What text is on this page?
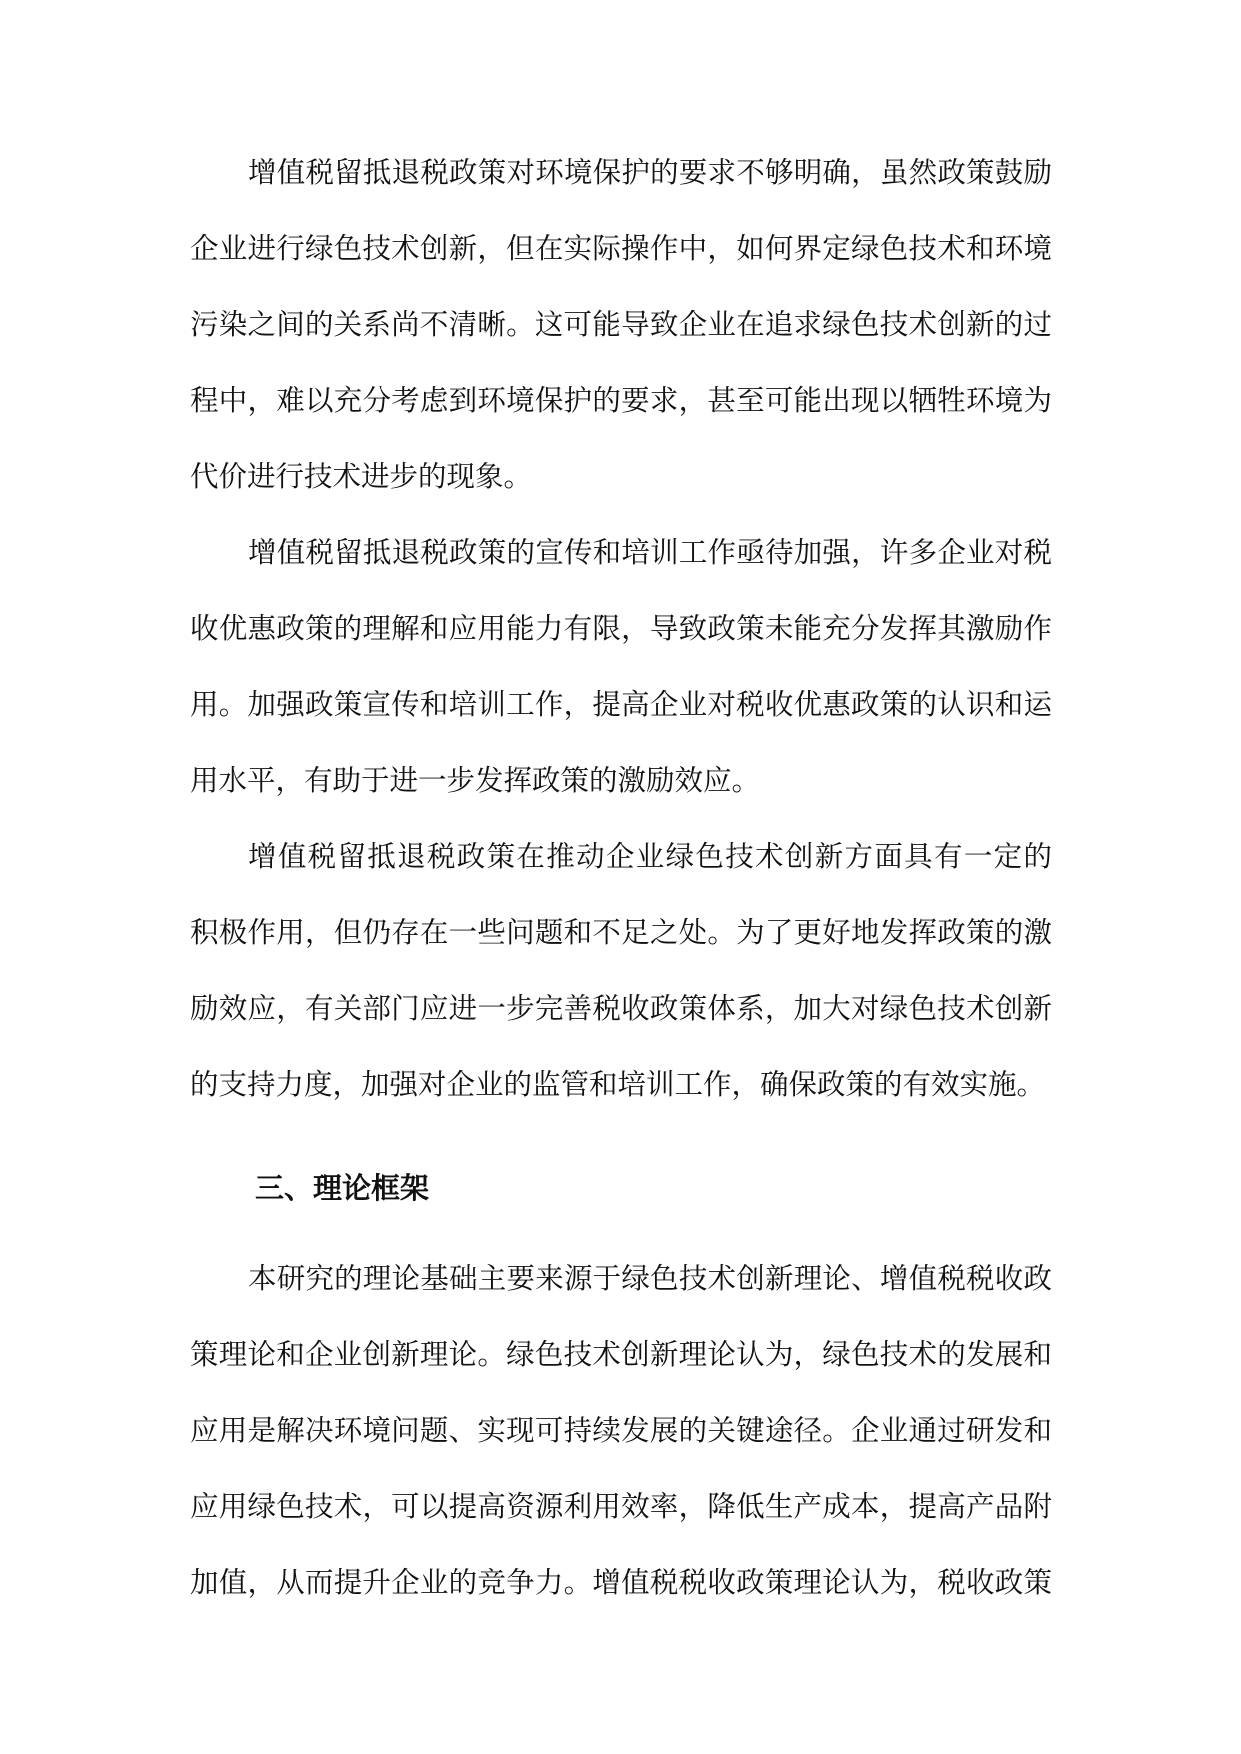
增值税留抵退税政策对环境保护的要求不够明确，虽然政策鼓励

企业进行绿色技术创新，但在实际操作中，如何界定绿色技术和环境

污染之间的关系尚不清晰。这可能导致企业在追求绿色技术创新的过

程中，难以充分考虑到环境保护的要求，甚至可能出现以牺牲环境为

代价进行技术进步的现象。

增值税留抵退税政策的宣传和培训工作亟待加强，许多企业对税

收优惠政策的理解和应用能力有限，导致政策未能充分发挥其激励作

用。加强政策宣传和培训工作，提高企业对税收优惠政策的认识和运

用水平，有助于进一步发挥政策的激励效应。

增值税留抵退税政策在推动企业绿色技术创新方面具有一定的

积极作用，但仍存在一些问题和不足之处。为了更好地发挥政策的激

励效应，有关部门应进一步完善税收政策体系，加大对绿色技术创新

的支持力度，加强对企业的监管和培训工作，确保政策的有效实施。

三、理论框架

本研究的理论基础主要来源于绿色技术创新理论、增值税税收政

策理论和企业创新理论。绿色技术创新理论认为，绿色技术的发展和

应用是解决环境问题、实现可持续发展的关键途径。企业通过研发和

应用绿色技术，可以提高资源利用效率，降低生产成本，提高产品附

加值，从而提升企业的竞争力。增值税税收政策理论认为，税收政策
